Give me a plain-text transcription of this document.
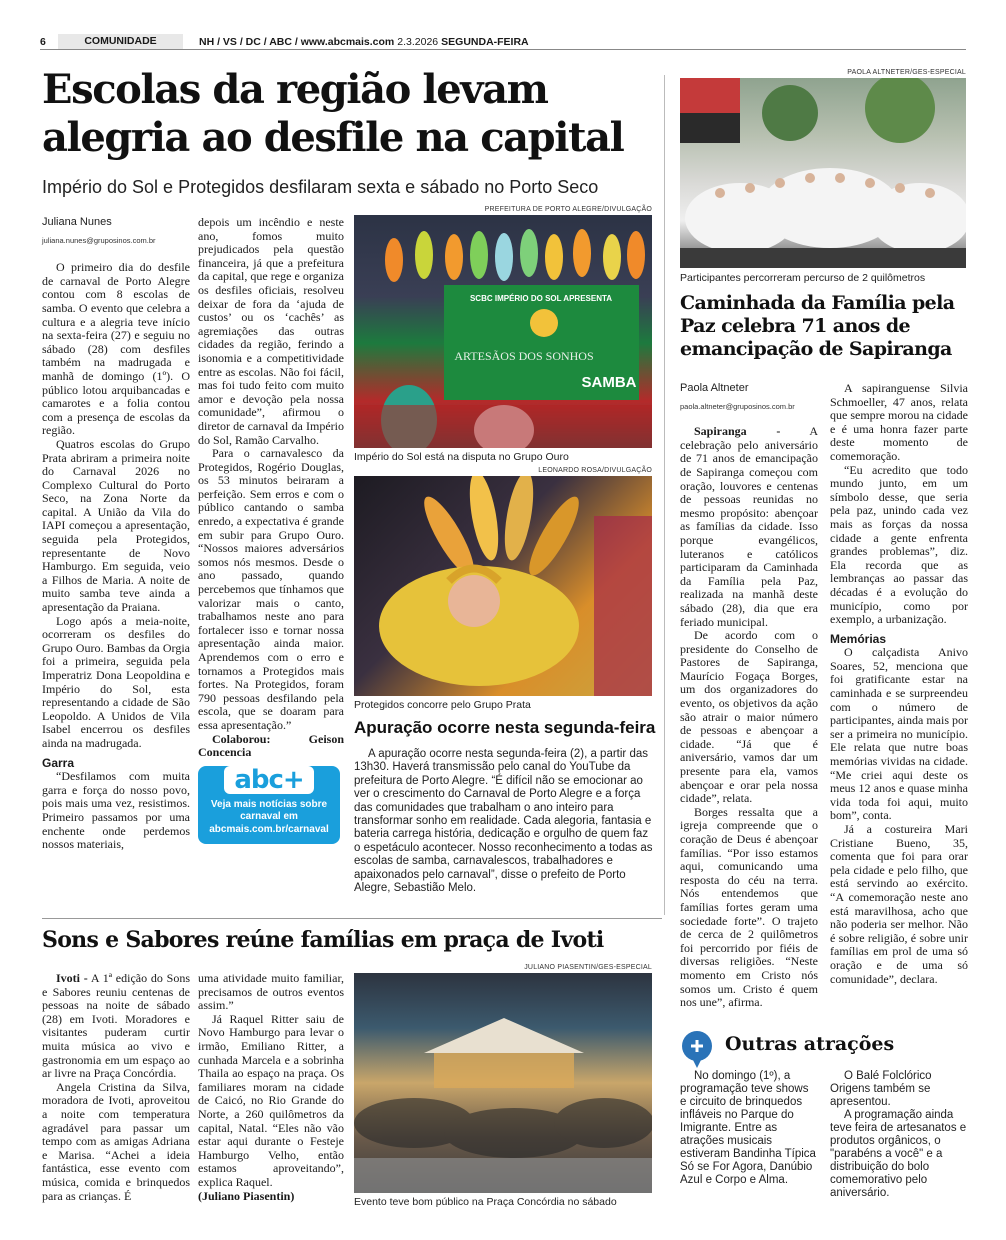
6	COMUNIDADE	NH / VS / DC / ABC / www.abcmais.com 2.3.2026 SEGUNDA-FEIRA
Escolas da região levam alegria ao desfile na capital
Império do Sol e Protegidos desfilaram sexta e sábado no Porto Seco
Juliana Nunes
juliana.nunes@gruposinos.com.br

O primeiro dia do desfile de carnaval de Porto Alegre contou com 8 escolas de samba. O evento que celebra a cultura e a alegria teve início na sexta-feira (27) e seguiu no sábado (28) com desfiles também na madrugada e manhã de domingo (1º). O público lotou arquibancadas e camarotes e a folia contou com a presença de escolas da região.

Quatros escolas do Grupo Prata abriram a primeira noite do Carnaval 2026 no Complexo Cultural do Porto Seco, na Zona Norte da capital. A União da Vila do IAPI começou a apresentação, seguida pela Protegidos, representante de Novo Hamburgo. Em seguida, veio a Filhos de Maria. A noite de muito samba teve ainda a apresentação da Praiana.

Logo após a meia-noite, ocorreram os desfiles do Grupo Ouro. Bambas da Orgia foi a primeira, seguida pela Imperatriz Dona Leopoldina e Império do Sol, esta representando a cidade de São Leopoldo. A Unidos de Vila Isabel encerrou os desfiles ainda na madrugada.

Garra

“Desfilamos com muita garra e força do nosso povo, pois mais uma vez, resistimos. Primeiro passamos por uma enchente onde perdemos nossos materiais,

depois um incêndio e neste ano, fomos muito prejudicados pela questão financeira, já que a prefeitura da capital, que rege e organiza os desfiles oficiais, resolveu deixar de fora da ‘ajuda de custos’ ou os ‘cachês’ as agremiações das outras cidades da região, ferindo a isonomia e a competitividade entre as escolas. Não foi fácil, mas foi tudo feito com muito amor e devoção pela nossa comunidade”, afirmou o diretor de carnaval da Império do Sol, Ramão Carvalho.

Para o carnavalesco da Protegidos, Rogério Douglas, os 53 minutos beiraram a perfeição. Sem erros e com o público cantando o samba enredo, a expectativa é grande em subir para Grupo Ouro. “Nossos maiores adversários somos nós mesmos. Desde o ano passado, quando percebemos que tínhamos que valorizar mais o canto, trabalhamos neste ano para fortalecer isso e tornar nossa apresentação ainda maior. Aprendemos com o erro e tornamos a Protegidos mais fortes. Na Protegidos, foram 790 pessoas desfilando pela escola, que se doaram para essa apresentação.”

Colaborou: Geison Concencia

abc+
Veja mais notícias sobre
carnaval em
abcmais.com.br/carnaval
PREFEITURA DE PORTO ALEGRE/DIVULGAÇÃO
SCBC IMPÉRIO DO SOL APRESENTA
ARTESÃOS DOS SONHOS
SAMBA
Império do Sol está na disputa no Grupo Ouro
LEONARDO ROSA/DIVULGAÇÃO
Protegidos concorre pelo Grupo Prata
Apuração ocorre nesta segunda-feira

A apuração ocorre nesta segunda-feira (2), a partir das 13h30. Haverá transmissão pelo canal do YouTube da prefeitura de Porto Alegre. “É difícil não se emocionar ao ver o crescimento do Carnaval de Porto Alegre e a força das comunidades que trabalham o ano inteiro para transformar sonho em realidade. Cada alegoria, fantasia e bateria carrega história, dedicação e orgulho de quem faz o espetáculo acontecer. Nosso reconhecimento a todas as escolas de samba, carnavalescos, trabalhadores e apaixonados pelo carnaval”, disse o prefeito de Porto Alegre, Sebastião Melo.

PAOLA ALTNETER/GES-ESPECIAL
Participantes percorreram percurso de 2 quilômetros
Caminhada da Família pela Paz celebra 71 anos de emancipação de Sapiranga
Paola Altneter
paola.altneter@gruposinos.com.br

Sapiranga - A celebração pelo aniversário de 71 anos de emancipação de Sapiranga começou com oração, louvores e centenas de pessoas reunidas no mesmo propósito: abençoar as famílias da cidade. Isso porque evangélicos, luteranos e católicos participaram da Caminhada da Família pela Paz, realizada na manhã deste sábado (28), dia que era feriado municipal.

De acordo com o presidente do Conselho de Pastores de Sapiranga, Maurício Fogaça Borges, um dos organizadores do evento, os objetivos da ação são atrair o maior número de pessoas e abençoar a cidade. “Já que é aniversário, vamos dar um presente para ela, vamos abençoar e orar pela nossa cidade”, relata.

Borges ressalta que a igreja compreende que o coração de Deus é abençoar famílias. “Por isso estamos aqui, comunicando uma resposta do céu na terra. Nós entendemos que famílias fortes geram uma sociedade forte”. O trajeto de cerca de 2 quilômetros foi percorrido por fiéis de diversas religiões. “Neste momento em Cristo nós somos um. Cristo é quem nos une”, afirma.

A sapiranguense Silvia Schmoeller, 47 anos, relata que sempre morou na cidade e é uma honra fazer parte deste momento de comemoração.

“Eu acredito que todo mundo junto, em um símbolo desse, que seria pela paz, unindo cada vez mais as forças da nossa cidade a gente enfrenta grandes problemas”, diz. Ela recorda que as lembranças ao passar das décadas é a evolução do município, como por exemplo, a urbanização.

Memórias

O calçadista Anivo Soares, 52, menciona que foi gratificante estar na caminhada e se surpreendeu com o número de participantes, ainda mais por ser a primeira no município. Ele relata que nutre boas memórias vividas na cidade. “Me criei aqui deste os meus 12 anos e quase minha vida toda foi aqui, muito bom”, conta.

Já a costureira Mari Cristiane Bueno, 35, comenta que foi para orar pela cidade e pelo filho, que está servindo ao exército. “A comemoração neste ano está maravilhosa, acho que não poderia ser melhor. Não é sobre religião, é sobre unir famílias em prol de uma só oração e de uma só comunidade”, declara.

Outras atrações

No domingo (1º), a programação teve shows e circuito de brinquedos infláveis no Parque do Imigrante. Entre as atrações musicais estiveram Bandinha Típica Só se For Agora, Danúbio Azul e Corpo e Alma.

O Balé Folclórico Origens também se apresentou.

A programação ainda teve feira de artesanatos e produtos orgânicos, o "parabéns a você" e a distribuição do bolo comemorativo pelo aniversário.

Sons e Sabores reúne famílias em praça de Ivoti

Ivoti - A 1ª edição do Sons e Sabores reuniu centenas de pessoas na noite de sábado (28) em Ivoti. Moradores e visitantes puderam curtir muita música ao vivo e gastronomia em um espaço ao ar livre na Praça Concórdia.

Angela Cristina da Silva, moradora de Ivoti, aproveitou a noite com temperatura agradável para passar um tempo com as amigas Adriana e Marisa. “Achei a ideia fantástica, esse evento com música, comida e brinquedos para as crianças. É

uma atividade muito familiar, precisamos de outros eventos assim.”

Já Raquel Ritter saiu de Novo Hamburgo para levar o irmão, Emiliano Ritter, a cunhada Marcela e a sobrinha Thaila ao espaço na praça. Os familiares moram na cidade de Caicó, no Rio Grande do Norte, a 260 quilômetros da capital, Natal. “Eles não vão estar aqui durante o Festeje Hamburgo Velho, então estamos aproveitando”, explica Raquel.

(Juliano Piasentin)

JULIANO PIASENTIN/GES-ESPECIAL
Evento teve bom público na Praça Concórdia no sábado
